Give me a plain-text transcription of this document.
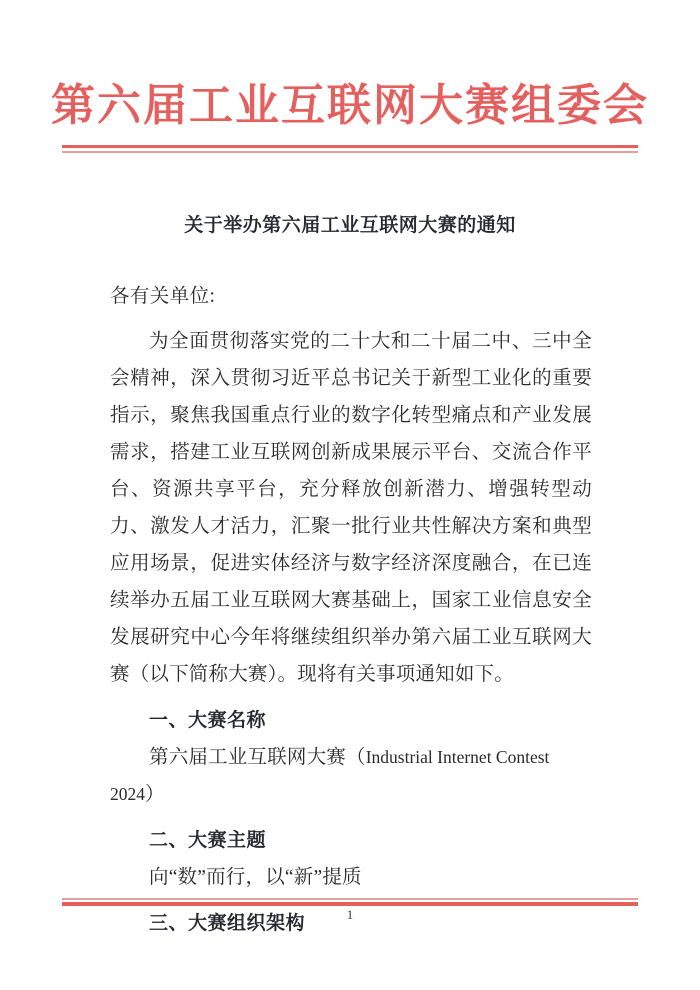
第六届工业互联网大赛组委会
关于举办第六届工业互联网大赛的通知

各有关单位:

为全面贯彻落实党的二十大和二十届二中、三中全会精神，深入贯彻习近平总书记关于新型工业化的重要指示，聚焦我国重点行业的数字化转型痛点和产业发展需求，搭建工业互联网创新成果展示平台、交流合作平台、资源共享平台，充分释放创新潜力、增强转型动力、激发人才活力，汇聚一批行业共性解决方案和典型应用场景，促进实体经济与数字经济深度融合，在已连续举办五届工业互联网大赛基础上，国家工业信息安全发展研究中心今年将继续组织举办第六届工业互联网大赛（以下简称大赛）。现将有关事项通知如下。

一、大赛名称

第六届工业互联网大赛（Industrial Internet Contest 2024）

二、大赛主题

向“数”而行，以“新”提质

三、大赛组织架构	1
